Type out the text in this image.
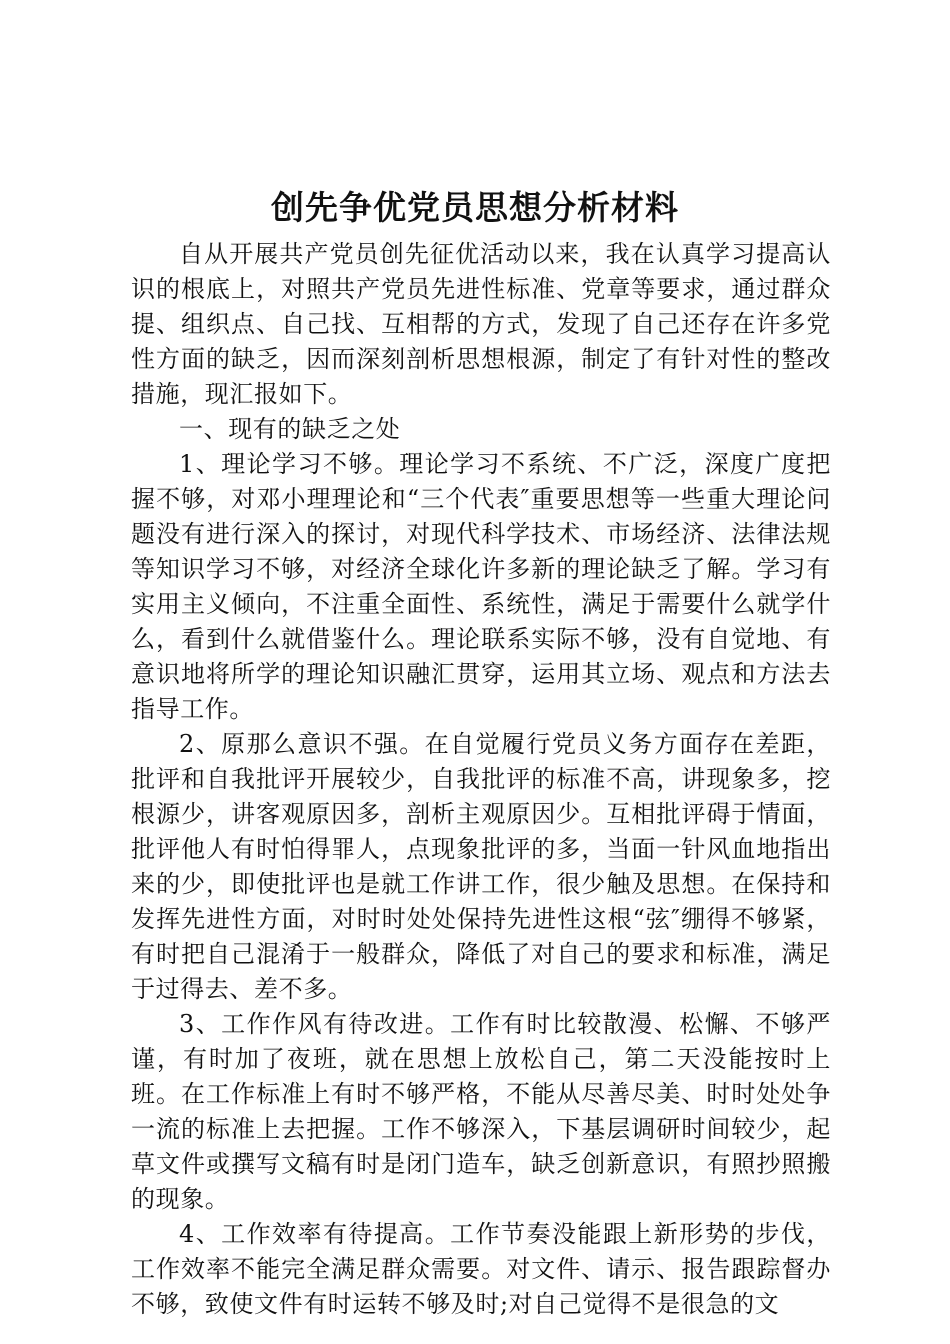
创先争优党员思想分析材料

自从开展共产党员创先征优活动以来，我在认真学习提高认识的根底上，对照共产党员先进性标准、党章等要求，通过群众提、组织点、自己找、互相帮的方式，发现了自己还存在许多党性方面的缺乏，因而深刻剖析思想根源，制定了有针对性的整改措施，现汇报如下。

一、现有的缺乏之处

1、理论学习不够。理论学习不系统、不广泛，深度广度把握不够，对邓小理理论和“三个代表″重要思想等一些重大理论问题没有进行深入的探讨，对现代科学技术、市场经济、法律法规等知识学习不够，对经济全球化许多新的理论缺乏了解。学习有实用主义倾向，不注重全面性、系统性，满足于需要什么就学什么，看到什么就借鉴什么。理论联系实际不够，没有自觉地、有意识地将所学的理论知识融汇贯穿，运用其立场、观点和方法去指导工作。

2、原那么意识不强。在自觉履行党员义务方面存在差距，批评和自我批评开展较少，自我批评的标准不高，讲现象多，挖根源少，讲客观原因多，剖析主观原因少。互相批评碍于情面，批评他人有时怕得罪人，点现象批评的多，当面一针风血地指出来的少，即使批评也是就工作讲工作，很少触及思想。在保持和发挥先进性方面，对时时处处保持先进性这根“弦″绷得不够紧，有时把自己混淆于一般群众，降低了对自己的要求和标准，满足于过得去、差不多。

3、工作作风有待改进。工作有时比较散漫、松懈、不够严谨，有时加了夜班，就在思想上放松自己，第二天没能按时上班。在工作标准上有时不够严格，不能从尽善尽美、时时处处争一流的标准上去把握。工作不够深入，下基层调研时间较少，起草文件或撰写文稿有时是闭门造车，缺乏创新意识，有照抄照搬的现象。

4、工作效率有待提高。工作节奏没能跟上新形势的步伐，工作效率不能完全满足群众需要。对文件、请示、报告跟踪督办不够，致使文件有时运转不够及时;对自己觉得不是很急的文
